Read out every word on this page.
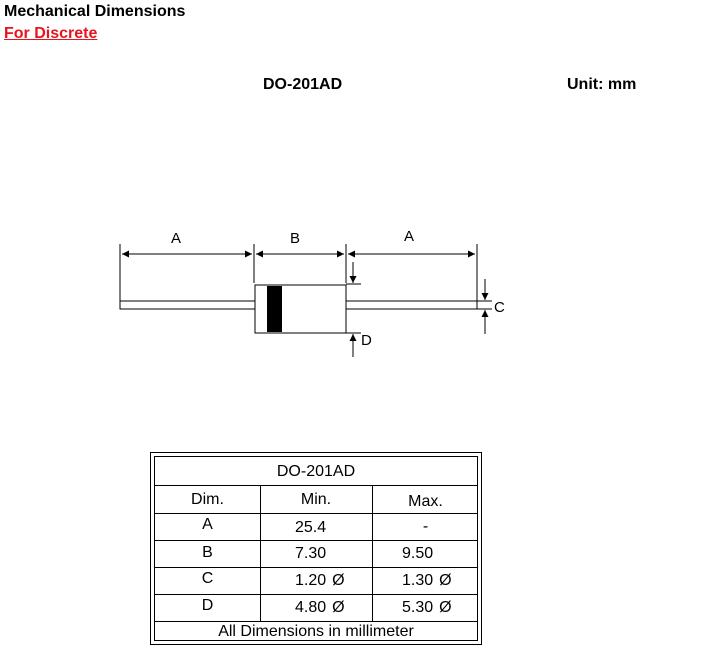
Mechanical Dimensions
For Discrete
DO-201AD	Unit: mm
A	B	A
D
C
DO-201AD
Dim.	Min.	Max.
A	25.4	-
B	7.30	9.50
C	1.20 Ø	1.30 Ø
D	4.80 Ø	5.30 Ø
All Dimensions in millimeter
